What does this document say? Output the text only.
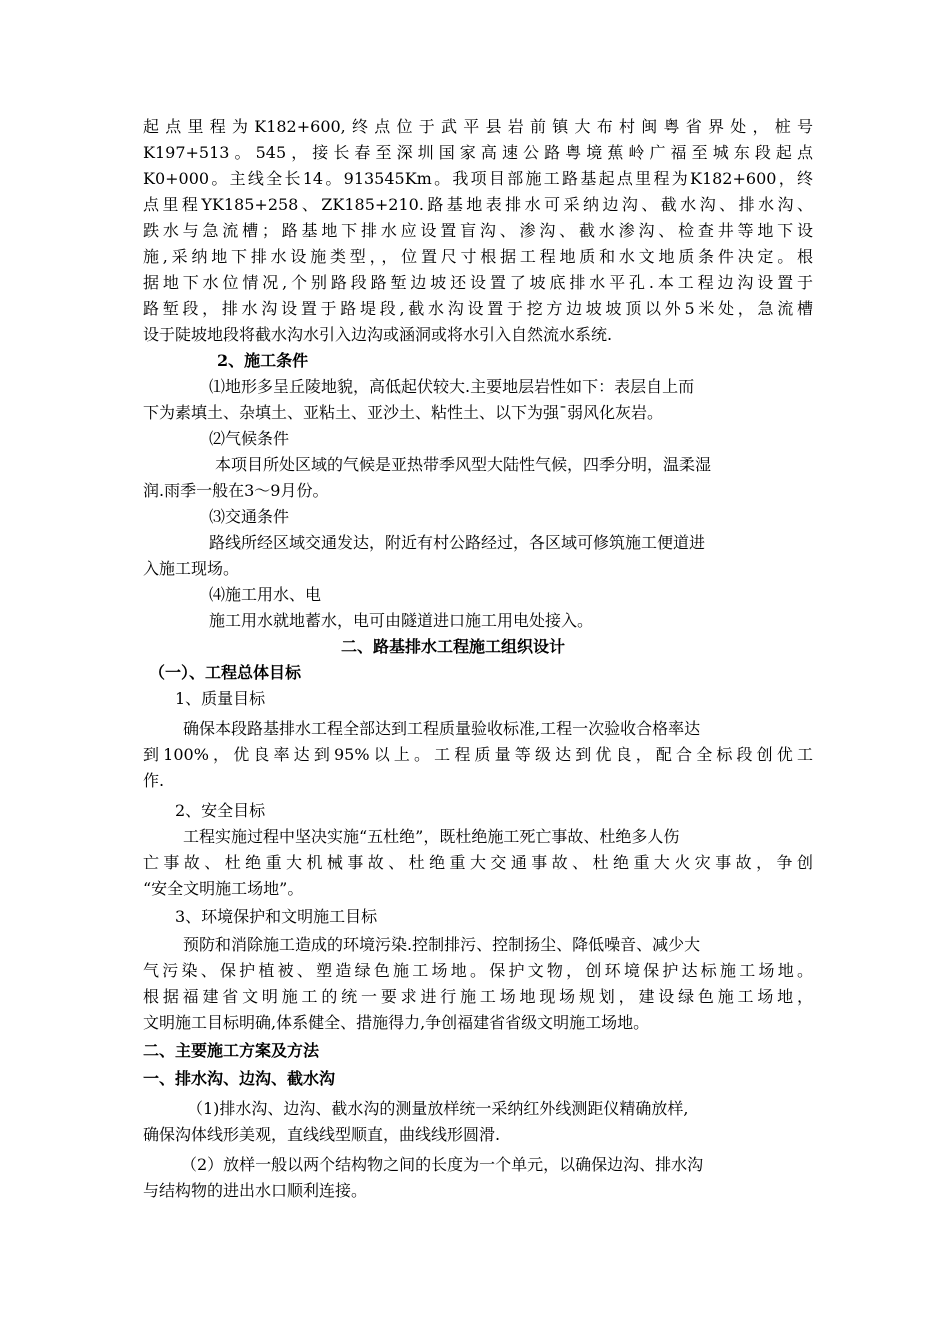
起点里程为K182+600,终点位于武平县岩前镇大布村闽粤省界处，桩号
K197+513。545，接长春至深圳国家高速公路粤境蕉岭广福至城东段起点
K0+000。主线全长14。913545Km。我项目部施工路基起点里程为K182+600，终
点里程YK185+258、ZK185+210.路基地表排水可采纳边沟、截水沟、排水沟、
跌水与急流槽；路基地下排水应设置盲沟、渗沟、截水渗沟、检查井等地下设
施,采纳地下排水设施类型，，位置尺寸根据工程地质和水文地质条件决定。根
据地下水位情况,个别路段路堑边坡还设置了坡底排水平孔.本工程边沟设置于
路堑段，排水沟设置于路堤段,截水沟设置于挖方边坡坡顶以外5米处，急流槽
设于陡坡地段将截水沟水引入边沟或涵洞或将水引入自然流水系统.
2、施工条件
⑴地形多呈丘陵地貌，高低起伏较大.主要地层岩性如下：表层自上而
下为素填土、杂填土、亚粘土、亚沙土、粘性土、以下为强¯弱风化灰岩。
⑵气候条件
本项目所处区域的气候是亚热带季风型大陆性气候，四季分明，温柔湿
润.雨季一般在3～9月份。
⑶交通条件
路线所经区域交通发达，附近有村公路经过，各区域可修筑施工便道进
入施工现场。
⑷施工用水、电
施工用水就地蓄水，电可由隧道进口施工用电处接入。
二、路基排水工程施工组织设计
（一）、工程总体目标
1、质量目标
确保本段路基排水工程全部达到工程质量验收标准,工程一次验收合格率达
到100%，优良率达到95%以上。工程质量等级达到优良，配合全标段创优工
作.
2、安全目标
工程实施过程中坚决实施“五杜绝”，既杜绝施工死亡事故、杜绝多人伤
亡事故、杜绝重大机械事故、杜绝重大交通事故、杜绝重大火灾事故，争创
“安全文明施工场地”。
3、环境保护和文明施工目标
预防和消除施工造成的环境污染.控制排污、控制扬尘、降低噪音、减少大
气污染、保护植被、塑造绿色施工场地。保护文物，创环境保护达标施工场地。
根据福建省文明施工的统一要求进行施工场地现场规划，建设绿色施工场地，
文明施工目标明确,体系健全、措施得力,争创福建省省级文明施工场地。
二、主要施工方案及方法
一、排水沟、边沟、截水沟
（1)排水沟、边沟、截水沟的测量放样统一采纳红外线测距仪精确放样,
确保沟体线形美观，直线线型顺直，曲线线形圆滑.
（2）放样一般以两个结构物之间的长度为一个单元，以确保边沟、排水沟
与结构物的进出水口顺利连接。
